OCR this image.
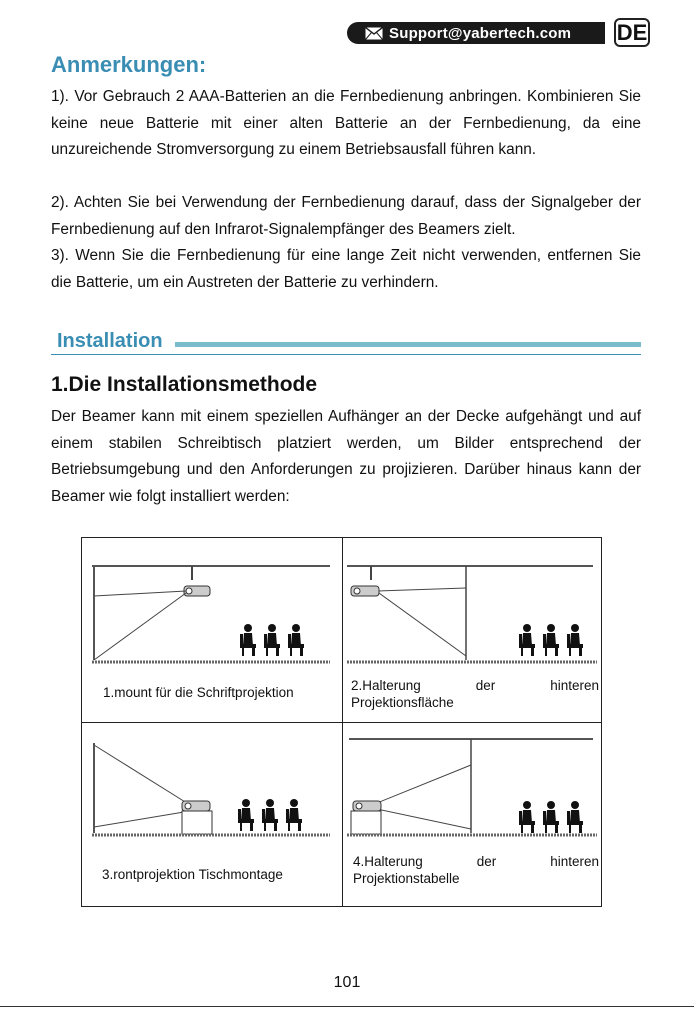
Support@yabertech.com DE
Anmerkungen:

1). Vor Gebrauch 2 AAA-Batterien an die Fernbedienung anbringen. Kombinieren Sie keine neue Batterie mit einer alten Batterie an der Fernbedienung, da eine unzureichende Stromversorgung zu einem Betriebsausfall führen kann.

2). Achten Sie bei Verwendung der Fernbedienung darauf, dass der Signalgeber der Fernbedienung auf den Infrarot-Signalempfänger des Beamers zielt.

3). Wenn Sie die Fernbedienung für eine lange Zeit nicht verwenden, entfernen Sie die Batterie, um ein Austreten der Batterie zu verhindern.

Installation
1.Die Installationsmethode

Der Beamer kann mit einem speziellen Aufhänger an der Decke aufgehängt und auf einem stabilen Schreibtisch platziert werden, um Bilder entsprechend der Betriebsumgebung und den Anforderungen zu projizieren. Darüber hinaus kann der Beamer wie folgt installiert werden:

1.mount für die Schriftprojektion	2.Halterung der hinteren Projektionsfläche
3.rontprojektion Tischmontage
4.Halterung der hinteren Projektionstabelle
101
